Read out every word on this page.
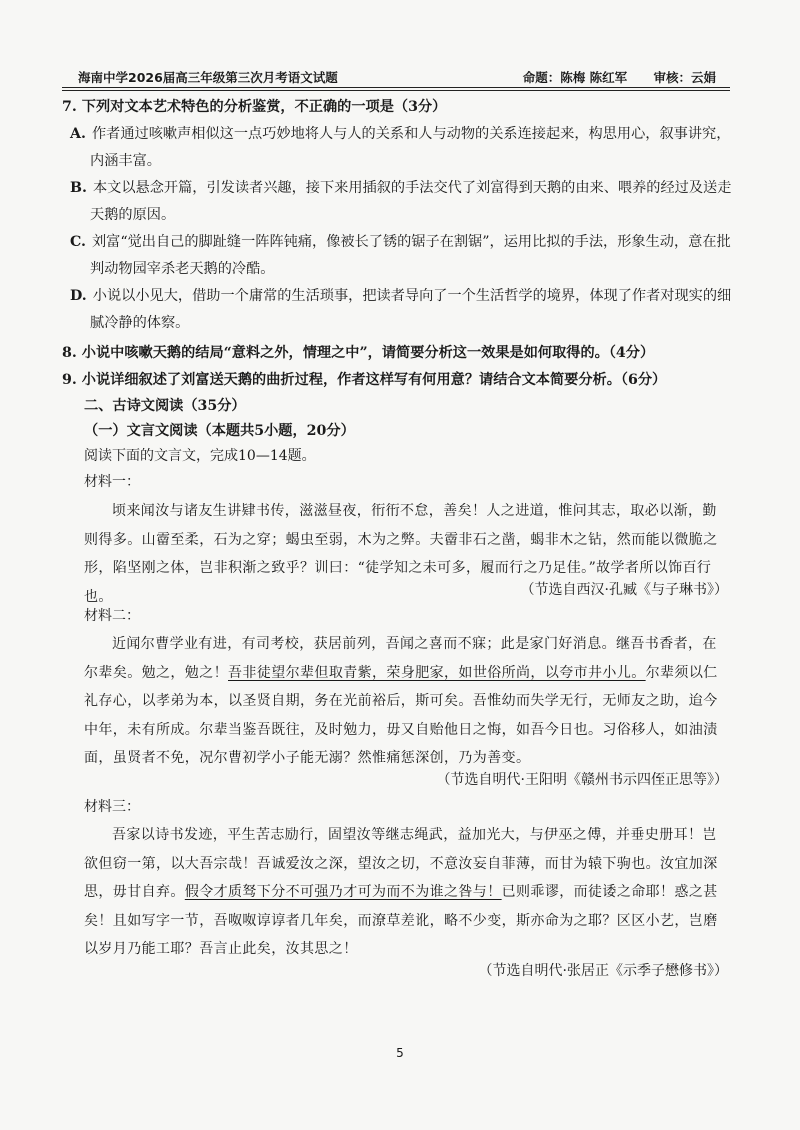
海南中学2026届高三年级第三次月考语文试题	命题：陈梅 陈红军 审核：云娟
7. 下列对文本艺术特色的分析鉴赏，不正确的一项是（3分）
A. 作者通过咳嗽声相似这一点巧妙地将人与人的关系和人与动物的关系连接起来，构思用心，叙事讲究，
内涵丰富。
B. 本文以悬念开篇，引发读者兴趣，接下来用插叙的手法交代了刘富得到天鹅的由来、喂养的经过及送走
天鹅的原因。
C. 刘富“觉出自己的脚趾缝一阵阵钝痛，像被长了锈的锯子在割锯”，运用比拟的手法，形象生动，意在批
判动物园宰杀老天鹅的冷酷。
D. 小说以小见大，借助一个庸常的生活琐事，把读者导向了一个生活哲学的境界，体现了作者对现实的细
腻冷静的体察。
8. 小说中咳嗽天鹅的结局“意料之外，情理之中”，请简要分析这一效果是如何取得的。（4分）
9. 小说详细叙述了刘富送天鹅的曲折过程，作者这样写有何用意？请结合文本简要分析。（6分）
二、古诗文阅读（35分）
（一）文言文阅读（本题共5小题，20分）
阅读下面的文言文，完成10—14题。
材料一：
顷来闻汝与诸友生讲肄书传，滋滋昼夜，衎衎不怠，善矣！人之进道，惟问其志，取必以渐，勤则得多。山霤至柔，石为之穿；蝎虫至弱，木为之弊。夫霤非石之凿，蝎非木之钻，然而能以微脆之形，陷坚刚之体，岂非积渐之致乎？训曰：“徒学知之未可多，履而行之乃足佳。”故学者所以饰百行也。	（节选自西汉·孔臧《与子琳书》）
材料二：
近闻尔曹学业有进，有司考校，获居前列，吾闻之喜而不寐；此是家门好消息。继吾书香者，在尔辈矣。勉之，勉之！吾非徒望尔辈但取青紫，荣身肥家，如世俗所尚，以夸市井小儿。尔辈须以仁礼存心，以孝弟为本，以圣贤自期，务在光前裕后，斯可矣。吾惟幼而失学无行，无师友之助，迨今中年，未有所成。尔辈当鉴吾既往，及时勉力，毋又自贻他日之悔，如吾今日也。习俗移人，如油渍面，虽贤者不免，况尔曹初学小子能无溺？然惟痛惩深创，乃为善变。
（节选自明代·王阳明《赣州书示四侄正思等》）
材料三：
吾家以诗书发迹，平生苦志励行，固望汝等继志绳武，益加光大，与伊巫之傅，并垂史册耳！岂欲但窃一第，以大吾宗哉！吾诚爱汝之深，望汝之切，不意汝妄自菲薄，而甘为辕下驹也。汝宜加深思，毋甘自弃。假令才质驽下分不可强乃才可为而不为谁之咎与！已则乖谬，而徒诿之命耶！惑之甚矣！且如写字一节，吾呶呶谆谆者几年矣，而潦草差讹，略不少变，斯亦命为之耶？区区小艺，岂磨以岁月乃能工耶？吾言止此矣，汝其思之！
（节选自明代·张居正《示季子懋修书》）
5
